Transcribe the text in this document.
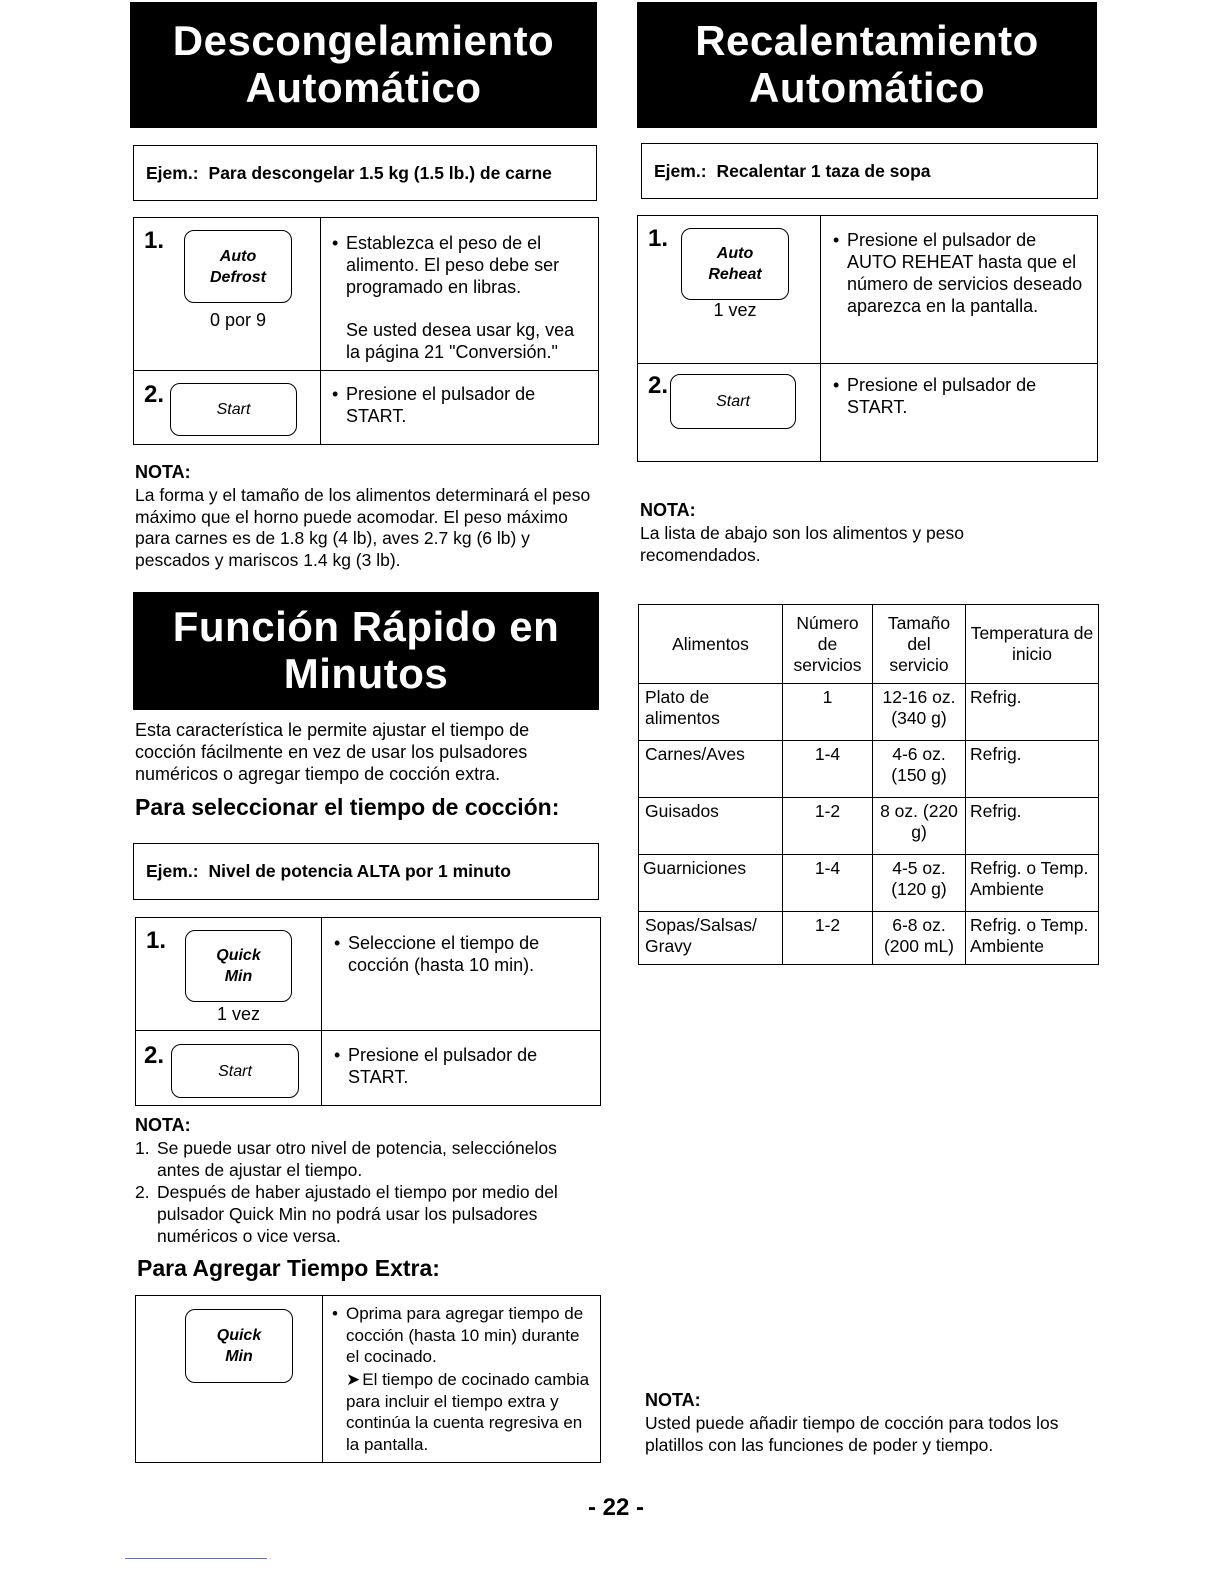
Descongelamiento
Automático
Ejem.: Para descongelar 1.5 kg (1.5 lb.) de carne
1.
Auto
Defrost
0 por 9
• Establezca el peso de el alimento. El peso debe ser programado en libras.
Se usted desea usar kg, vea la página 21 "Conversión."
2.
Start
• Presione el pulsador de START.
NOTA:
La forma y el tamaño de los alimentos determinará el peso máximo que el horno puede acomodar. El peso máximo para carnes es de 1.8 kg (4 lb), aves 2.7 kg (6 lb) y pescados y mariscos 1.4 kg (3 lb).
Función Rápido en
Minutos
Esta característica le permite ajustar el tiempo de cocción fácilmente en vez de usar los pulsadores numéricos o agregar tiempo de cocción extra.
Para seleccionar el tiempo de cocción:
Ejem.: Nivel de potencia ALTA por 1 minuto
1.
Quick
Min
1 vez
• Seleccione el tiempo de cocción (hasta 10 min).
2.
Start
• Presione el pulsador de START.
NOTA:
1. Se puede usar otro nivel de potencia, selecciónelos antes de ajustar el tiempo.
2. Después de haber ajustado el tiempo por medio del pulsador Quick Min no podrá usar los pulsadores numéricos o vice versa.
Para Agregar Tiempo Extra:
Quick
Min
• Oprima para agregar tiempo de cocción (hasta 10 min) durante el cocinado.
➤ El tiempo de cocinado cambia para incluir el tiempo extra y continúa la cuenta regresiva en la pantalla.
Recalentamiento
Automático
Ejem.: Recalentar 1 taza de sopa
1.
Auto
Reheat
1 vez
• Presione el pulsador de AUTO REHEAT hasta que el número de servicios deseado aparezca en la pantalla.
2.
Start
• Presione el pulsador de START.
NOTA:
La lista de abajo son los alimentos y peso recomendados.
Alimentos	Número de servicios	Tamaño del servicio	Temperatura de inicio
Plato de alimentos	1	12-16 oz. (340 g)	Refrig.
Carnes/Aves	1-4	4-6 oz. (150 g)	Refrig.
Guisados	1-2	8 oz. (220 g)	Refrig.
Guarniciones	1-4	4-5 oz. (120 g)	Refrig. o Temp. Ambiente
Sopas/Salsas/ Gravy	1-2	6-8 oz. (200 mL)	Refrig. o Temp. Ambiente
NOTA:
Usted puede añadir tiempo de cocción para todos los platillos con las funciones de poder y tiempo.
- 22 -
